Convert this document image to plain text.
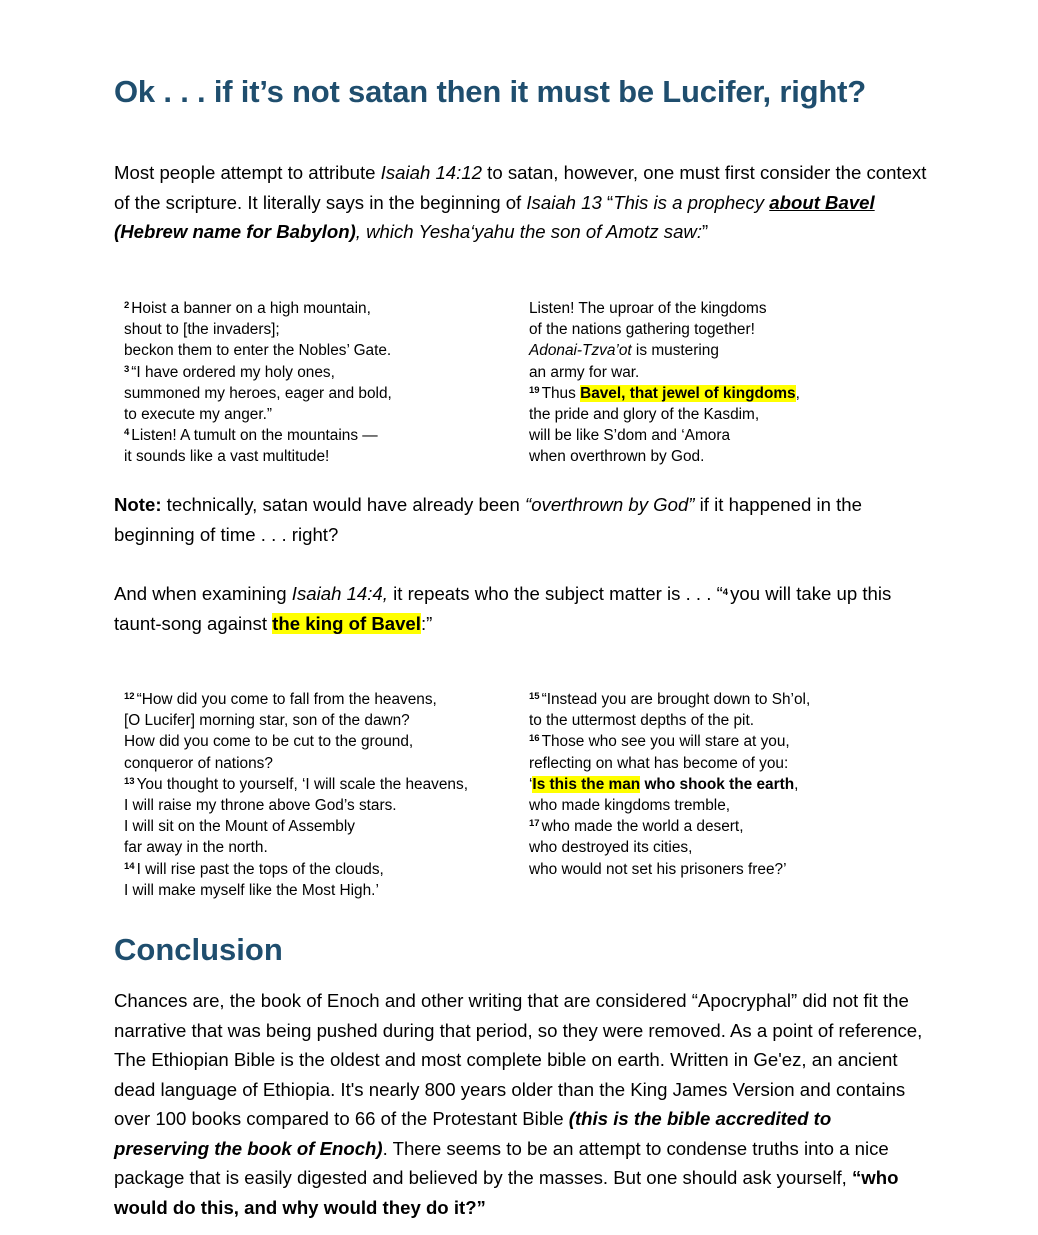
Ok . . . if it’s not satan then it must be Lucifer, right?

Most people attempt to attribute Isaiah 14:12 to satan, however, one must first consider the context of the scripture. It literally says in the beginning of Isaiah 13 “This is a prophecy about Bavel (Hebrew name for Babylon), which Yesha‘yahu the son of Amotz saw:”

$^2$ Hoist a banner on a high mountain,
shout to [the invaders];
beckon them to enter the Nobles’ Gate.
$^3$ “I have ordered my holy ones,
summoned my heroes, eager and bold,
to execute my anger.”
$^4$ Listen! A tumult on the mountains —
it sounds like a vast multitude!
Listen! The uproar of the kingdoms
of the nations gathering together!
Adonai-Tzva’ot is mustering
an army for war.
$^{19}$ Thus Bavel, that jewel of kingdoms,
the pride and glory of the Kasdim,
will be like S’dom and ‘Amora
when overthrown by God.

Note: technically, satan would have already been “overthrown by God” if it happened in the beginning of time . . . right?

And when examining Isaiah 14:4, it repeats who the subject matter is . . . “$^4$ you will take up this taunt-song against the king of Bavel:”

$^{12}$ “How did you come to fall from the heavens,
[O Lucifer] morning star, son of the dawn?
How did you come to be cut to the ground,
conqueror of nations?
$^{13}$ You thought to yourself, ‘I will scale the heavens,
I will raise my throne above God’s stars.
I will sit on the Mount of Assembly
far away in the north.
$^{14}$ I will rise past the tops of the clouds,
I will make myself like the Most High.’
$^{15}$ “Instead you are brought down to Sh’ol,
to the uttermost depths of the pit.
$^{16}$ Those who see you will stare at you,
reflecting on what has become of you:
‘Is this the man who shook the earth,
who made kingdoms tremble,
$^{17}$ who made the world a desert,
who destroyed its cities,
who would not set his prisoners free?’
Conclusion

Chances are, the book of Enoch and other writing that are considered “Apocryphal” did not fit the narrative that was being pushed during that period, so they were removed. As a point of reference, The Ethiopian Bible is the oldest and most complete bible on earth. Written in Ge'ez, an ancient dead language of Ethiopia. It's nearly 800 years older than the King James Version and contains over 100 books compared to 66 of the Protestant Bible (this is the bible accredited to preserving the book of Enoch). There seems to be an attempt to condense truths into a nice package that is easily digested and believed by the masses. But one should ask yourself, “who would do this, and why would they do it?”
